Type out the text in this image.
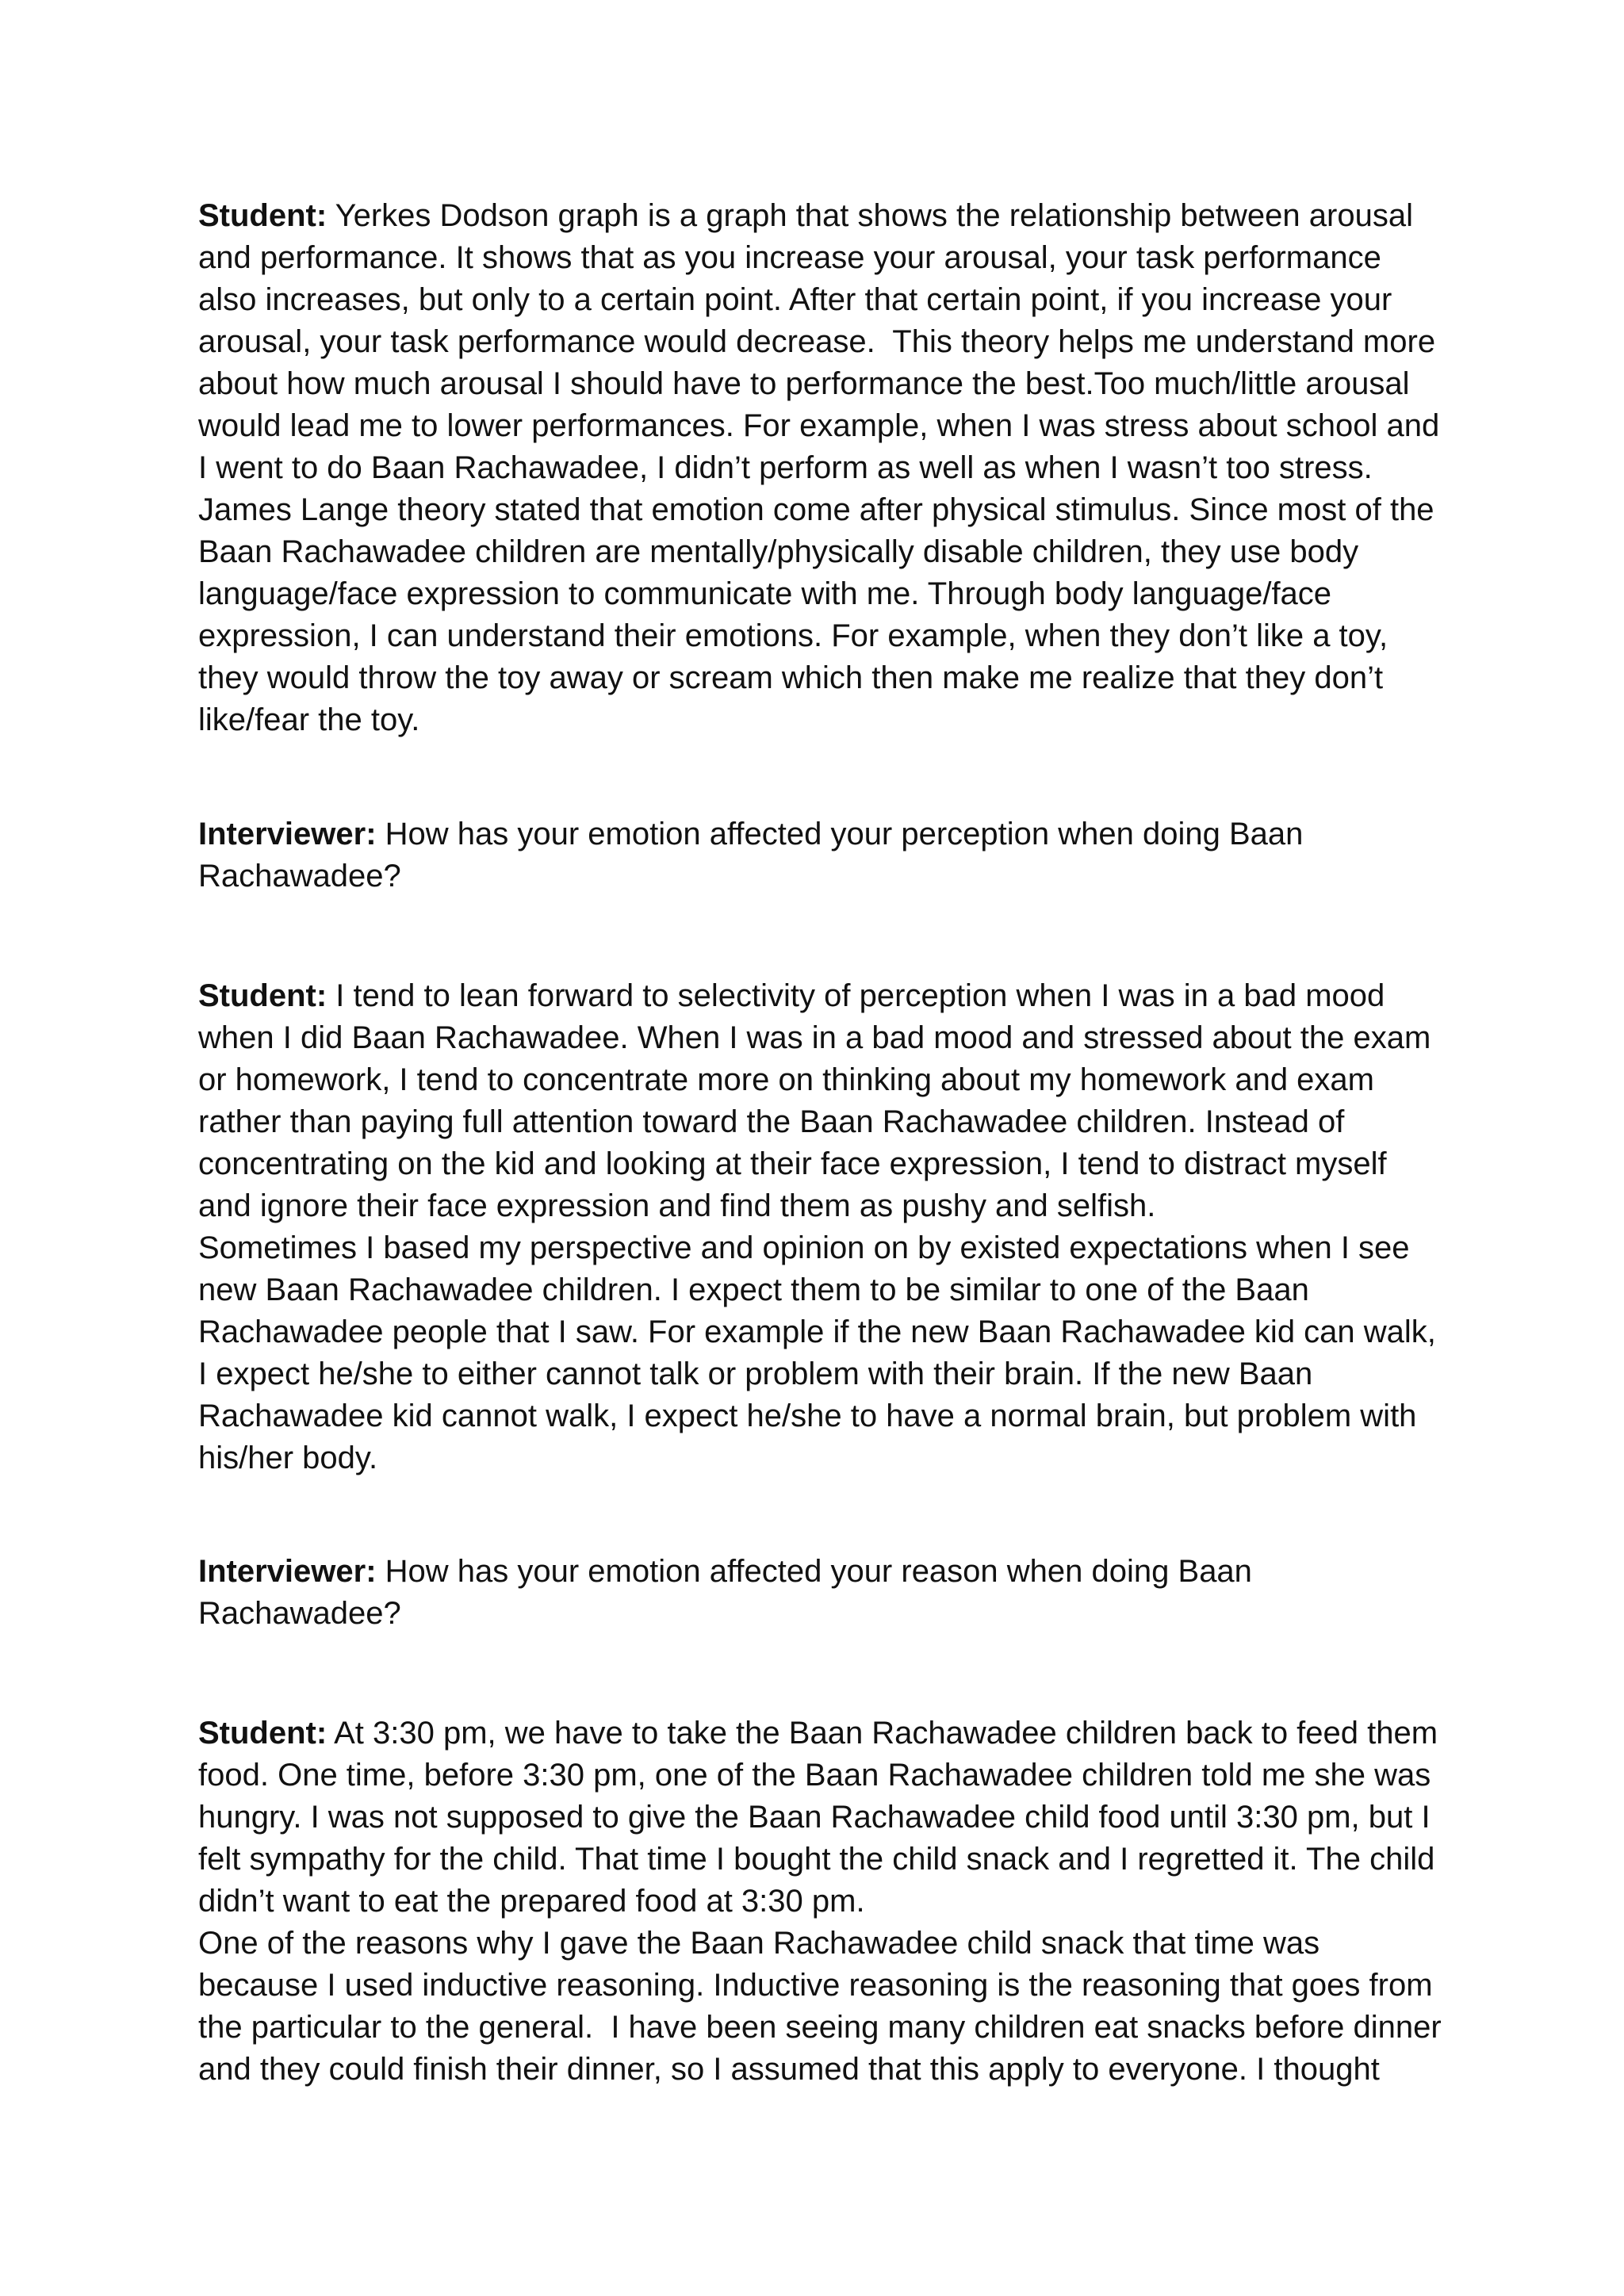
Student: Yerkes Dodson graph is a graph that shows the relationship between arousal
and performance. It shows that as you increase your arousal, your task performance
also increases, but only to a certain point. After that certain point, if you increase your
arousal, your task performance would decrease.  This theory helps me understand more
about how much arousal I should have to performance the best.Too much/little arousal
would lead me to lower performances. For example, when I was stress about school and
I went to do Baan Rachawadee, I didn’t perform as well as when I wasn’t too stress.
James Lange theory stated that emotion come after physical stimulus. Since most of the
Baan Rachawadee children are mentally/physically disable children, they use body
language/face expression to communicate with me. Through body language/face
expression, I can understand their emotions. For example, when they don’t like a toy,
they would throw the toy away or scream which then make me realize that they don’t
like/fear the toy.
Interviewer: How has your emotion affected your perception when doing Baan
Rachawadee?
Student: I tend to lean forward to selectivity of perception when I was in a bad mood
when I did Baan Rachawadee. When I was in a bad mood and stressed about the exam
or homework, I tend to concentrate more on thinking about my homework and exam
rather than paying full attention toward the Baan Rachawadee children. Instead of
concentrating on the kid and looking at their face expression, I tend to distract myself
and ignore their face expression and find them as pushy and selfish.
Sometimes I based my perspective and opinion on by existed expectations when I see
new Baan Rachawadee children. I expect them to be similar to one of the Baan
Rachawadee people that I saw. For example if the new Baan Rachawadee kid can walk,
I expect he/she to either cannot talk or problem with their brain. If the new Baan
Rachawadee kid cannot walk, I expect he/she to have a normal brain, but problem with
his/her body.
Interviewer: How has your emotion affected your reason when doing Baan
Rachawadee?
Student: At 3:30 pm, we have to take the Baan Rachawadee children back to feed them
food. One time, before 3:30 pm, one of the Baan Rachawadee children told me she was
hungry. I was not supposed to give the Baan Rachawadee child food until 3:30 pm, but I
felt sympathy for the child. That time I bought the child snack and I regretted it. The child
didn’t want to eat the prepared food at 3:30 pm.
One of the reasons why I gave the Baan Rachawadee child snack that time was
because I used inductive reasoning. Inductive reasoning is the reasoning that goes from
the particular to the general.  I have been seeing many children eat snacks before dinner
and they could finish their dinner, so I assumed that this apply to everyone. I thought
